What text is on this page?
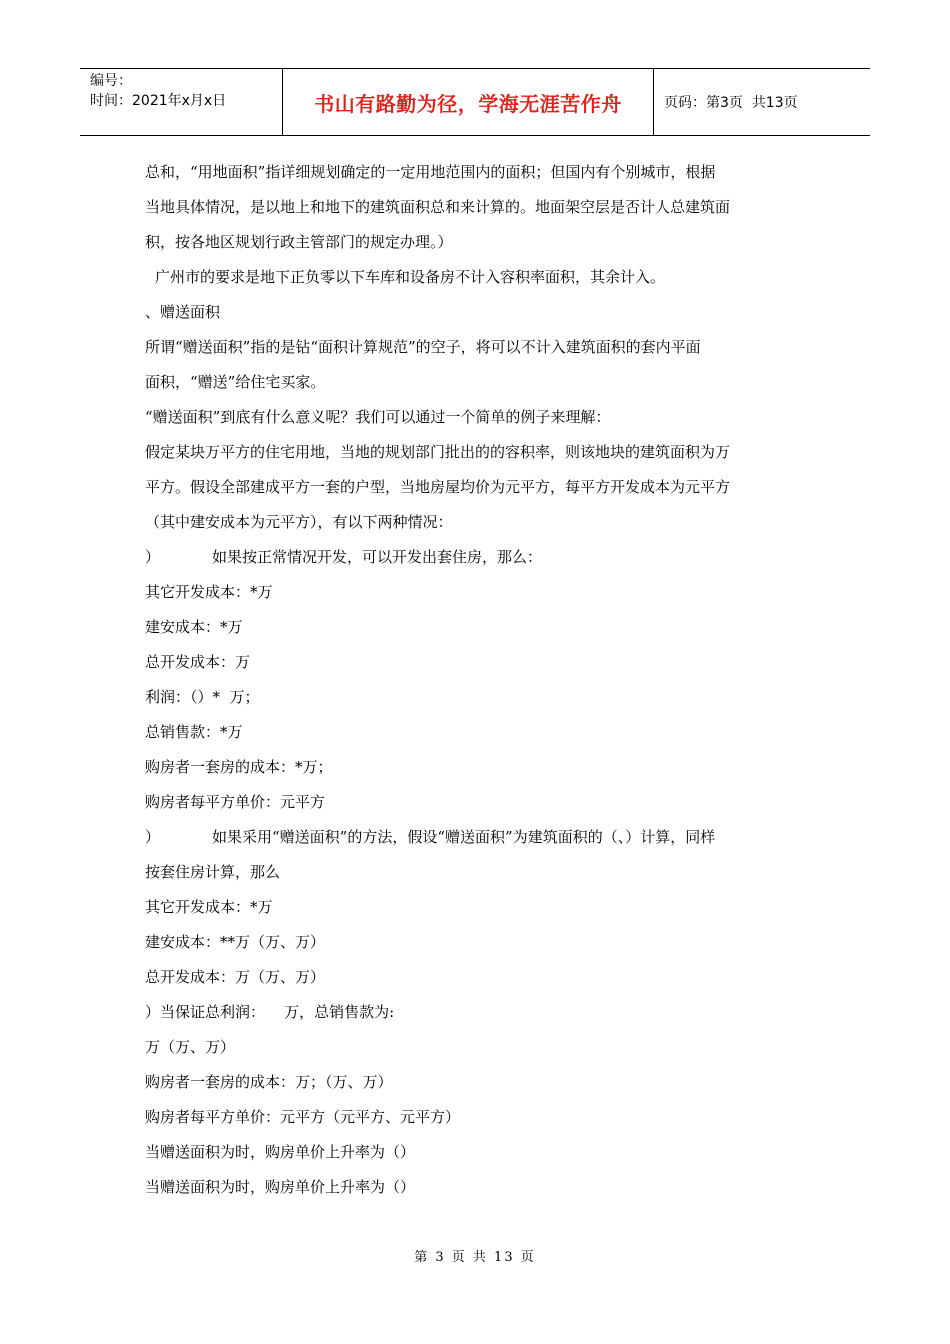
编号：
时间：2021年x月x日	书山有路勤为径，学海无涯苦作舟	页码：第3页  共13页

总和，“用地面积”指详细规划确定的一定用地范围内的面积；但国内有个别城市，根据

当地具体情况，是以地上和地下的建筑面积总和来计算的。地面架空层是否计人总建筑面

积，按各地区规划行政主管部门的规定办理。）

广州市的要求是地下正负零以下车库和设备房不计入容积率面积，其余计入。

、赠送面积

所谓“赠送面积”指的是钻“面积计算规范”的空子，将可以不计入建筑面积的套内平面

面积，“赠送”给住宅买家。

“赠送面积”到底有什么意义呢？我们可以通过一个简单的例子来理解：

假定某块万平方的住宅用地，当地的规划部门批出的的容积率，则该地块的建筑面积为万

平方。假设全部建成平方一套的户型，当地房屋均价为元平方，每平方开发成本为元平方

（其中建安成本为元平方），有以下两种情况：

）	如果按正常情况开发，可以开发出套住房，那么：

其它开发成本：*万

建安成本：*万

总开发成本：万

利润：（）*  万；

总销售款：*万

购房者一套房的成本：*万；

购房者每平方单价：元平方

）	如果采用“赠送面积”的方法，假设“赠送面积”为建筑面积的（、）计算，同样

按套住房计算，那么

其它开发成本：*万

建安成本：**万（万、万）

总开发成本：万（万、万）

）当保证总利润：    万，总销售款为:

万（万、万）

购房者一套房的成本：万；（万、万）

购房者每平方单价：元平方（元平方、元平方）

当赠送面积为时，购房单价上升率为（）

当赠送面积为时，购房单价上升率为（）

第 3 页 共 13 页
